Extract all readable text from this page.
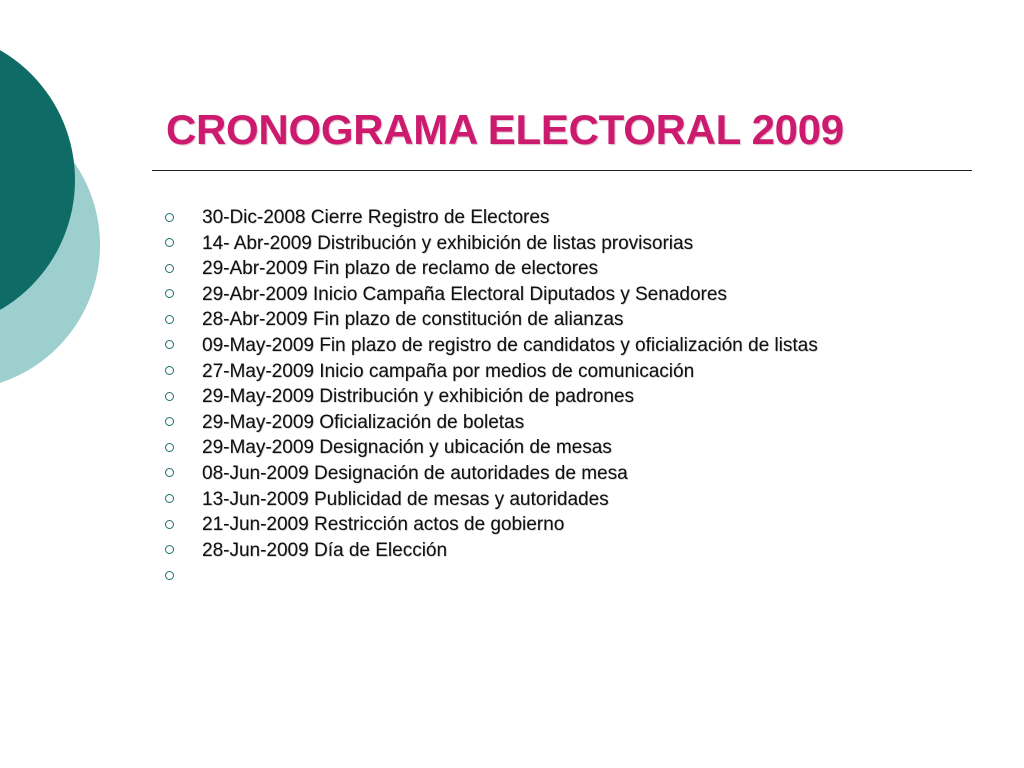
CRONOGRAMA ELECTORAL 2009
30-Dic-2008 Cierre Registro de Electores
14- Abr-2009 Distribución y exhibición de listas provisorias
29-Abr-2009 Fin plazo de reclamo de electores
29-Abr-2009 Inicio Campaña Electoral Diputados y Senadores
28-Abr-2009 Fin plazo de constitución de alianzas
09-May-2009 Fin plazo de registro de candidatos y oficialización de listas
27-May-2009 Inicio campaña por medios de comunicación
29-May-2009 Distribución y exhibición de padrones
29-May-2009 Oficialización de boletas
29-May-2009 Designación y ubicación de mesas
08-Jun-2009 Designación de autoridades de mesa
13-Jun-2009 Publicidad de mesas y autoridades
21-Jun-2009 Restricción actos de gobierno
28-Jun-2009 Día de Elección
